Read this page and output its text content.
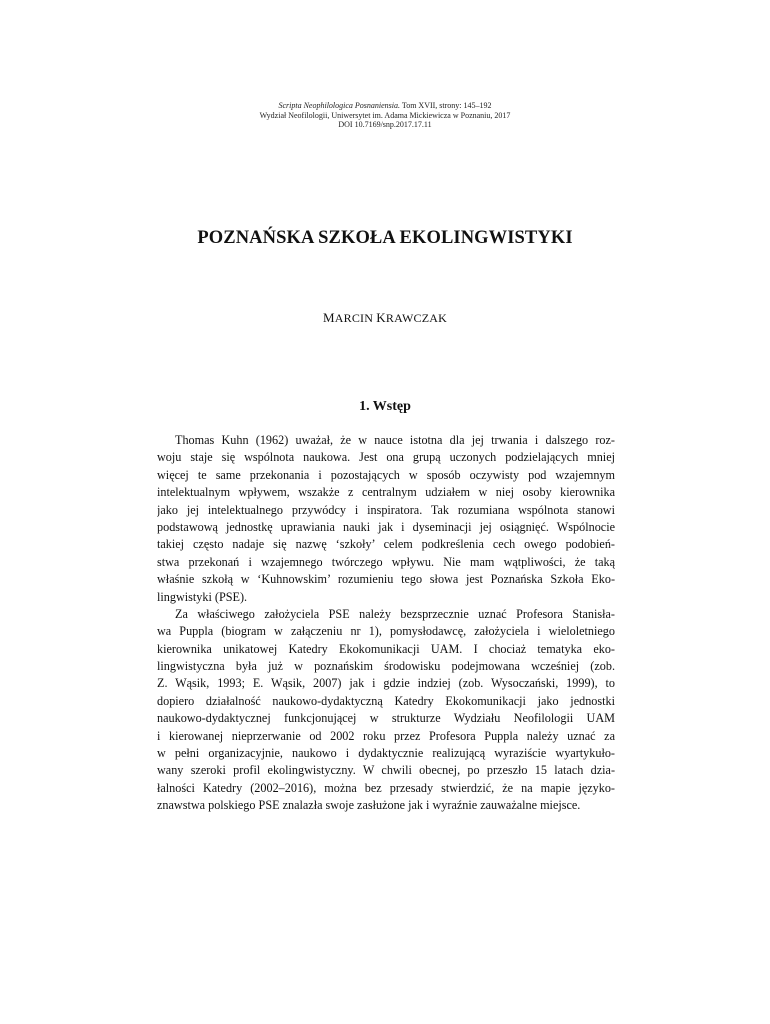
Scripta Neophilologica Posnaniensia. Tom XVII, strony: 145–192
Wydział Neofilologii, Uniwersytet im. Adama Mickiewicza w Poznaniu, 2017
DOI 10.7169/snp.2017.17.11
POZNAŃSKA SZKOŁA EKOLINGWISTYKI
MARCIN KRAWCZAK
1. Wstęp
Thomas Kuhn (1962) uważał, że w nauce istotna dla jej trwania i dalszego roz-
woju staje się wspólnota naukowa. Jest ona grupą uczonych podzielających mniej
więcej te same przekonania i pozostających w sposób oczywisty pod wzajemnym
intelektualnym wpływem, wszakże z centralnym udziałem w niej osoby kierownika
jako jej intelektualnego przywódcy i inspiratora. Tak rozumiana wspólnota stanowi
podstawową jednostkę uprawiania nauki jak i dyseminacji jej osiągnięć. Wspólnocie
takiej często nadaje się nazwę ‘szkoły’ celem podkreślenia cech owego podobień-
stwa przekonań i wzajemnego twórczego wpływu. Nie mam wątpliwości, że taką
właśnie szkołą w ‘Kuhnowskim’ rozumieniu tego słowa jest Poznańska Szkoła Eko-
lingwistyki (PSE).
Za właściwego założyciela PSE należy bezsprzecznie uznać Profesora Stanisła-
wa Puppla (biogram w załączeniu nr 1), pomysłodawcę, założyciela i wieloletniego
kierownika unikatowej Katedry Ekokomunikacji UAM. I chociaż tematyka eko-
lingwistyczna była już w poznańskim środowisku podejmowana wcześniej (zob.
Z. Wąsik, 1993; E. Wąsik, 2007) jak i gdzie indziej (zob. Wysoczański, 1999), to
dopiero działalność naukowo-dydaktyczną Katedry Ekokomunikacji jako jednostki
naukowo-dydaktycznej funkcjonującej w strukturze Wydziału Neofilologii UAM
i kierowanej nieprzerwanie od 2002 roku przez Profesora Puppla należy uznać za
w pełni organizacyjnie, naukowo i dydaktycznie realizującą wyraziście wyartykuło-
wany szeroki profil ekolingwistyczny. W chwili obecnej, po przeszło 15 latach dzia-
łalności Katedry (2002–2016), można bez przesady stwierdzić, że na mapie języko-
znawstwa polskiego PSE znalazła swoje zasłużone jak i wyraźnie zauważalne miejsce.
